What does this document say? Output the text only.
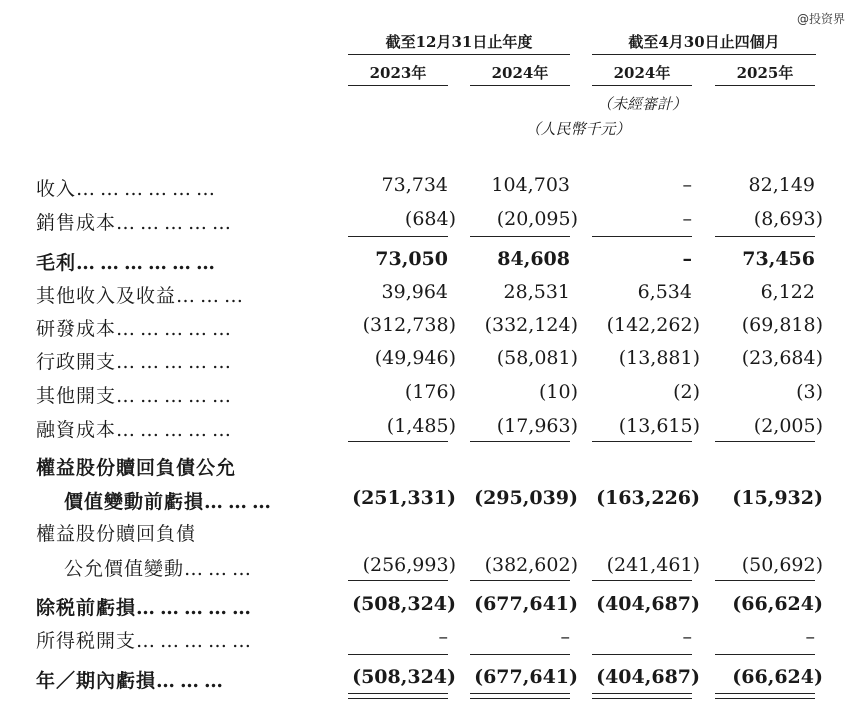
@投资界
截至12月31日止年度	截至4月30日止四個月
2023年	2024年	2024年	2025年
（未經審計）
（人民幣千元）
收入………………	73,734	104,703	–	82,149
銷售成本……………	(684)	(20,095)	–	(8,693)
毛利………………	73,050	84,608	–	73,456
其他收入及收益………	39,964	28,531	6,534	6,122
研發成本……………	(312,738)	(332,124)	(142,262)	(69,818)
行政開支……………	(49,946)	(58,081)	(13,881)	(23,684)
其他開支……………	(176)	(10)	(2)	(3)
融資成本……………	(1,485)	(17,963)	(13,615)	(2,005)
權益股份贖回負債公允
價值變動前虧損………	(251,331) (295,039) (163,226)	(15,932)
權益股份贖回負債
公允價值變動………	(256,993)	(382,602)	(241,461)	(50,692)
除税前虧損……………	(508,324) (677,641) (404,687)	(66,624)
所得税開支……………	–	–	–	–
年／期內虧損………	(508,324) (677,641) (404,687)	(66,624)
